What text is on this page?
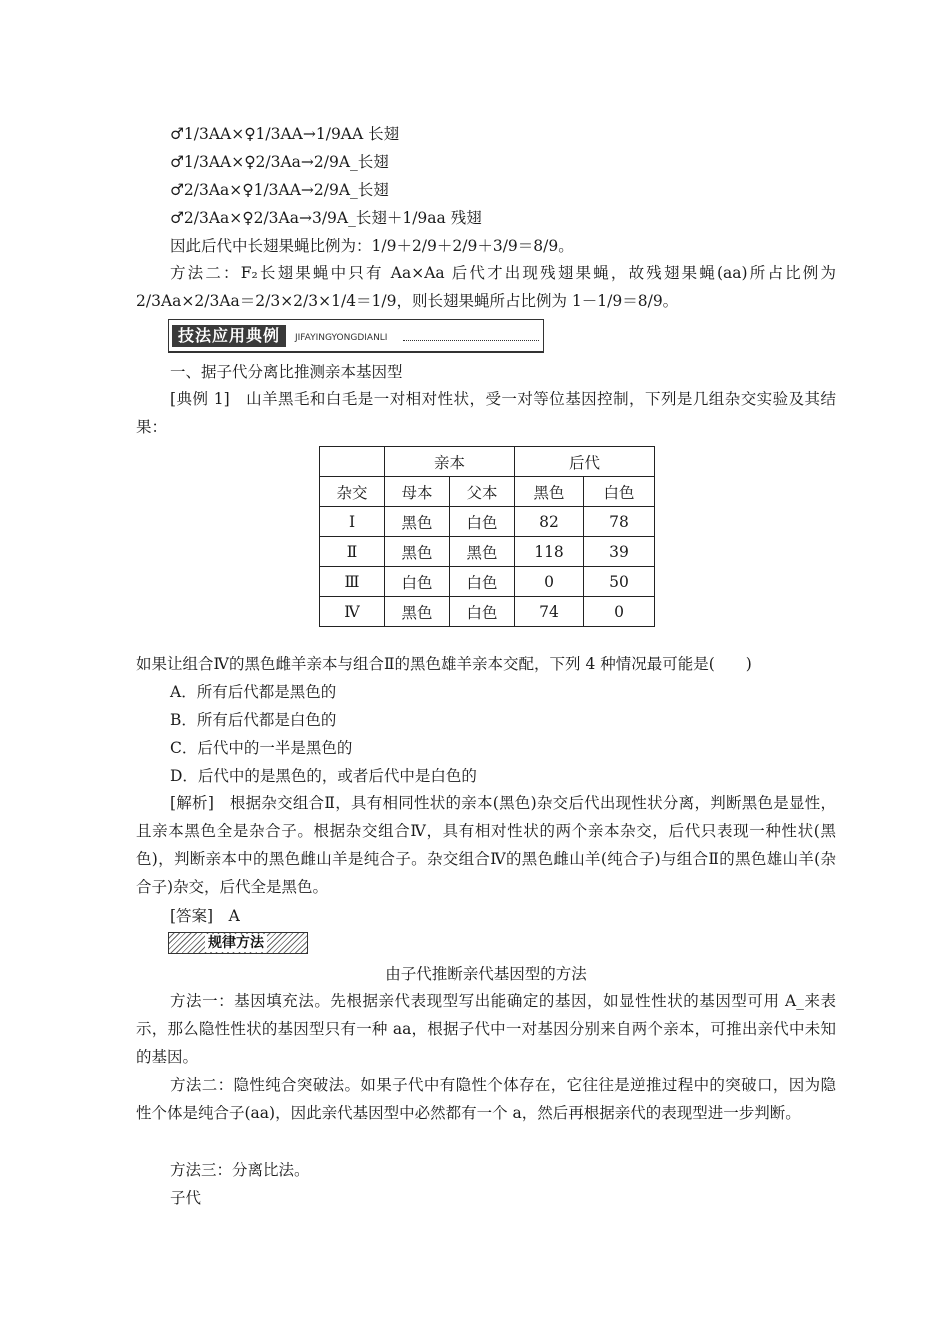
♂1/3AA×♀1/3AA→1/9AA 长翅
♂1/3AA×♀2/3Aa→2/9A_长翅
♂2/3Aa×♀1/3AA→2/9A_长翅
♂2/3Aa×♀2/3Aa→3/9A_长翅＋1/9aa 残翅
因此后代中长翅果蝇比例为：1/9＋2/9＋2/9＋3/9＝8/9。
方法二：F₂长翅果蝇中只有 Aa×Aa 后代才出现残翅果蝇，故残翅果蝇(aa)所占比例为2/3Aa×2/3Aa＝2/3×2/3×1/4＝1/9，则长翅果蝇所占比例为 1－1/9＝8/9。
技法应用典例	JIFAYINGYONGDIANLI
一、据子代分离比推测亲本基因型
[典例 1]　山羊黑毛和白毛是一对相对性状，受一对等位基因控制，下列是几组杂交实验及其结果：
	亲本		后代	
杂交	母本	父本	黑色	白色
Ⅰ	黑色	白色	82	78
Ⅱ	黑色	黑色	118	39
Ⅲ	白色	白色	0	50
Ⅳ	黑色	白色	74	0
如果让组合Ⅳ的黑色雌羊亲本与组合Ⅱ的黑色雄羊亲本交配，下列 4 种情况最可能是(　　)
A．所有后代都是黑色的
B．所有后代都是白色的
C．后代中的一半是黑色的
D．后代中的是黑色的，或者后代中是白色的
[解析]　根据杂交组合Ⅱ，具有相同性状的亲本(黑色)杂交后代出现性状分离，判断黑色是显性，且亲本黑色全是杂合子。根据杂交组合Ⅳ，具有相对性状的两个亲本杂交，后代只表现一种性状(黑色)，判断亲本中的黑色雌山羊是纯合子。杂交组合Ⅳ的黑色雌山羊(纯合子)与组合Ⅱ的黑色雄山羊(杂合子)杂交，后代全是黑色。
[答案]　A
规律方法
由子代推断亲代基因型的方法
方法一：基因填充法。先根据亲代表现型写出能确定的基因，如显性性状的基因型可用 A_来表示，那么隐性性状的基因型只有一种 aa，根据子代中一对基因分别来自两个亲本，可推出亲代中未知的基因。
方法二：隐性纯合突破法。如果子代中有隐性个体存在，它往往是逆推过程中的突破口，因为隐性个体是纯合子(aa)，因此亲代基因型中必然都有一个 a，然后再根据亲代的表现型进一步判断。
方法三：分离比法。
子代
